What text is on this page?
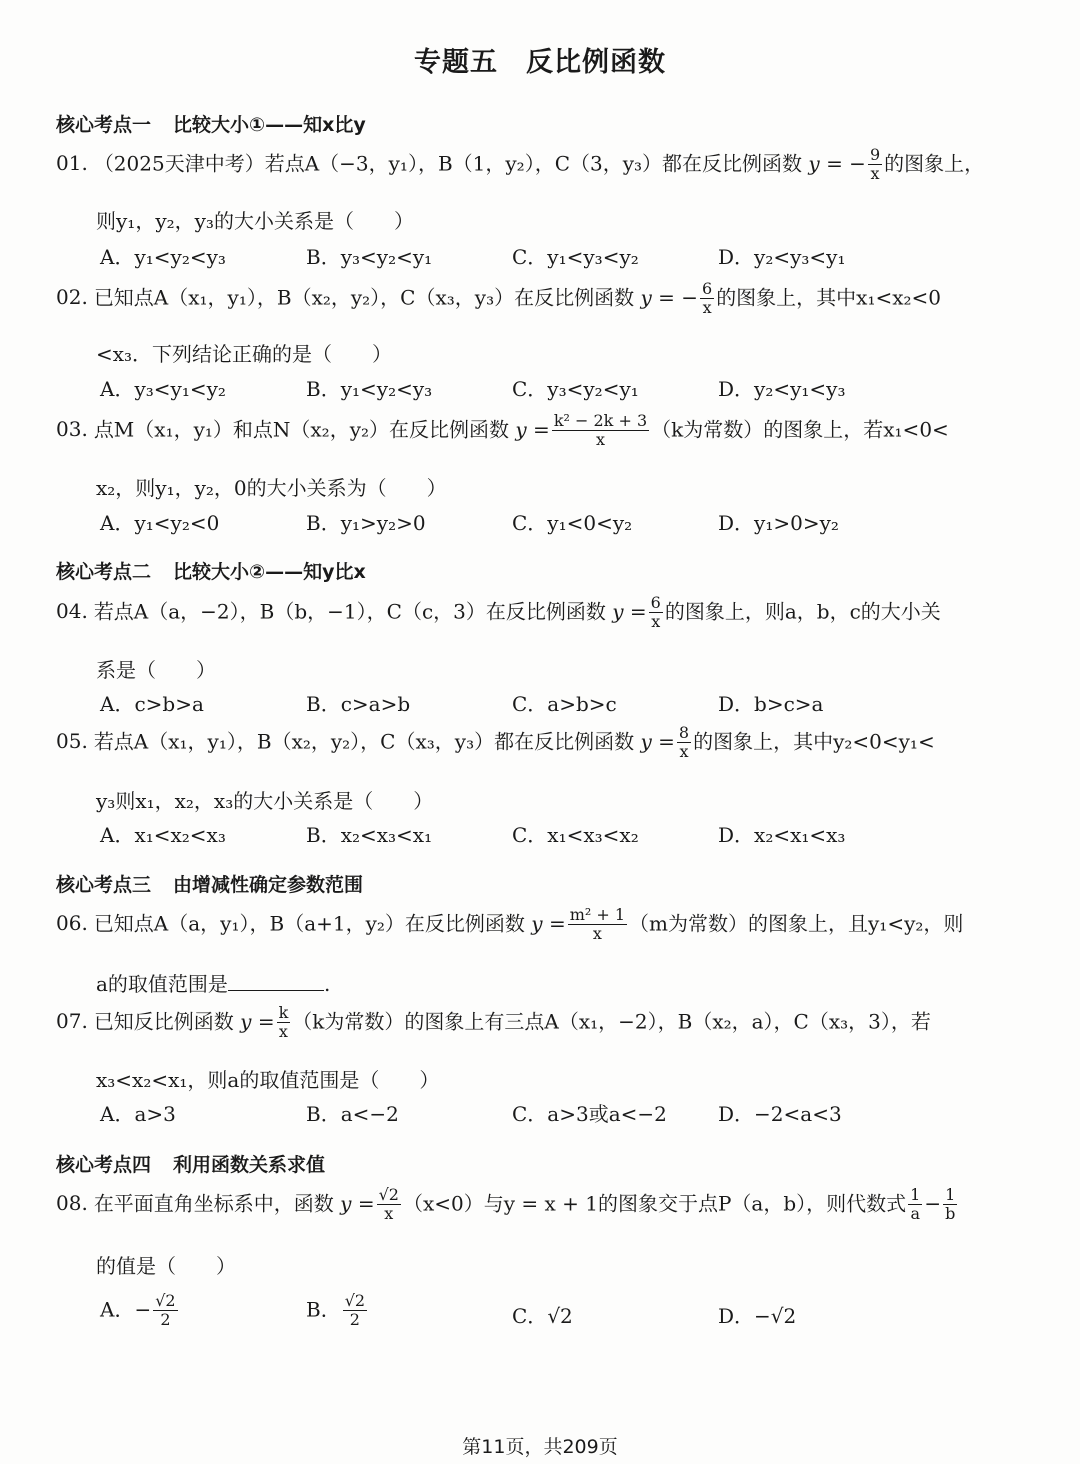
专题五　反比例函数
核心考点一 比较大小①——知x比y
01. （2025天津中考）若点A（−3，y₁），B（1，y₂），C（3，y₃）都在反比例函数 y = − $\frac{9}{x}$ 的图象上，
则y₁，y₂，y₃的大小关系是（　　）
A．y₁<y₂<y₃	B．y₃<y₂<y₁	C．y₁<y₃<y₂	D．y₂<y₃<y₁
02. 已知点A（x₁，y₁），B（x₂，y₂），C（x₃，y₃）在反比例函数 y = − $\frac{6}{x}$ 的图象上，其中x₁<x₂<0
<x₃．下列结论正确的是（　　）
A．y₃<y₁<y₂	B．y₁<y₂<y₃	C．y₃<y₂<y₁	D．y₂<y₁<y₃
03. 点M（x₁，y₁）和点N（x₂，y₂）在反比例函数 $y = \frac{\text{k² − 2k + 3}}{x} (k$为常数）的图象上，若x₁<0<
x₂，则y₁，y₂，0的大小关系为（　　）
A．y₁<y₂<0	B．y₁>y₂>0	C．y₁<0<y₂	D．y₁>0>y₂
核心考点二 比较大小②——知y比x
04. 若点A（a，−2），B（b，−1），C（c，3）在反比例函数 $y = \frac{6}{x}$ 的图象上，则a，b，c的大小关
系是（　　）
A．c>b>a	B．c>a>b	C．a>b>c	D．b>c>a
05. 若点A（x₁，y₁），B（x₂，y₂），C（x₃，y₃）都在反比例函数 $y = \frac{8}{x}$ 的图象上，其中y₂<0<y₁<
y₃则x₁，x₂，x₃的大小关系是（　　）
A．x₁<x₂<x₃	B．x₂<x₃<x₁	C．x₁<x₃<x₂	D．x₂<x₁<x₃
核心考点三 由增减性确定参数范围
06. 已知点A（a，y₁），B（a+1，y₂）在反比例函数 $y = \frac{\text{m² + 1}}{x} (m$为常数）的图象上，且y₁<y₂，则
a的取值范围是	.
07. 已知反比例函数 $y = \frac{k}{x} (k$为常数）的图象上有三点A（x₁，−2），B（x₂，a），C（x₃，3），若
x₃<x₂<x₁，则a的取值范围是（　　）
A．a>3	B．a<−2	C．a>3或a<−2	D．−2<a<3
核心考点四 利用函数关系求值
08. 在平面直角坐标系中，函数 $y = \frac{√2}{x} (x<0)$与y = x + 1的图象交于点P（a，b），则代数式 $\frac{1}{a} - \frac{1}{b}$
的值是（　　）
A．− $\frac{√2}{2}$	B． $\frac{√2}{2}$	C．√2	D．−√2
第11页，共209页
